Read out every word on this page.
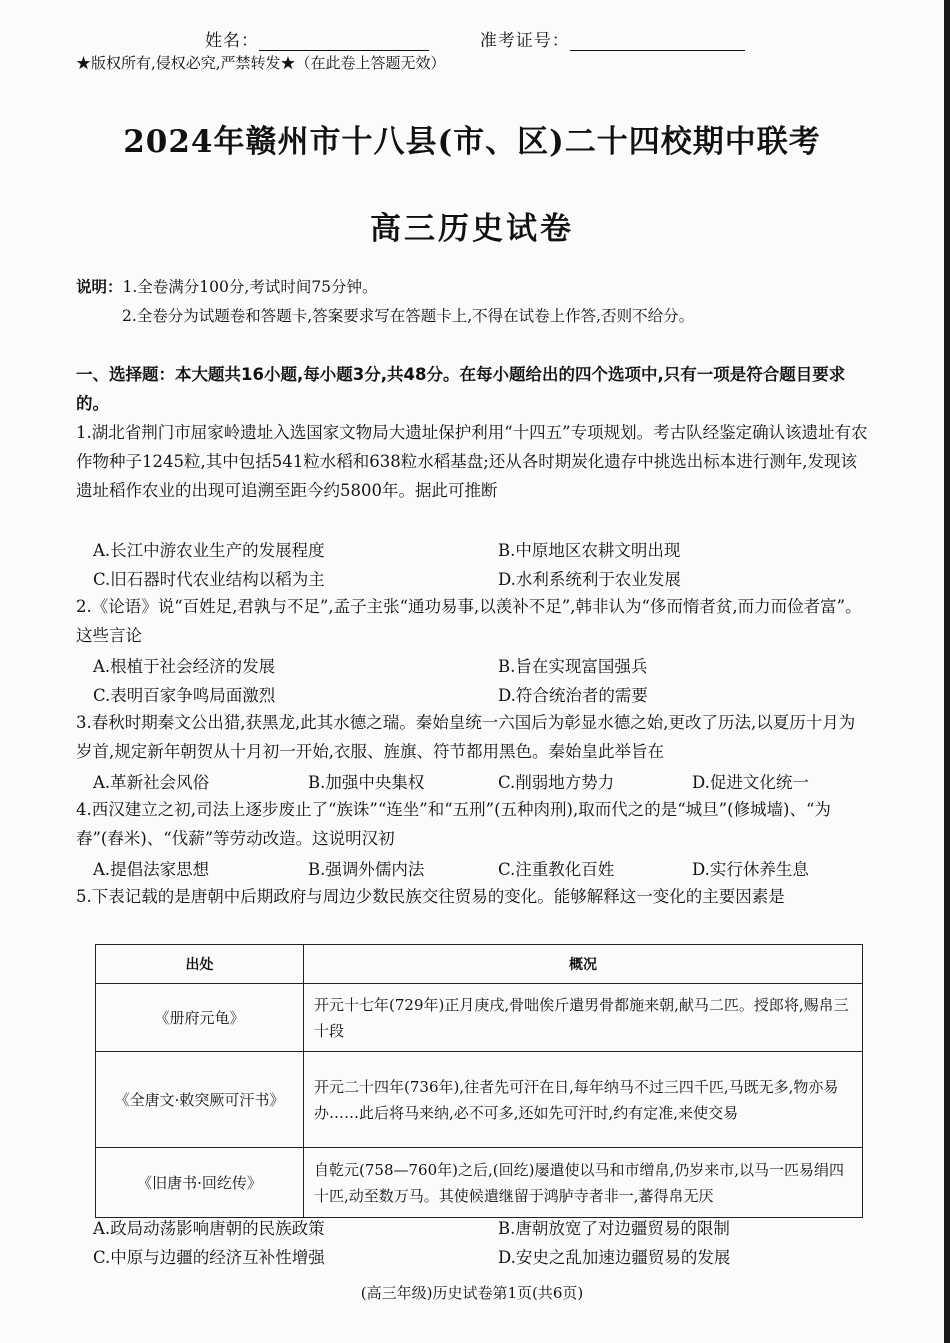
姓名：	准考证号：
★版权所有,侵权必究,严禁转发★（在此卷上答题无效）
2024年赣州市十八县(市、区)二十四校期中联考
高三历史试卷
说明：1.全卷满分100分,考试时间75分钟。
2.全卷分为试题卷和答题卡,答案要求写在答题卡上,不得在试卷上作答,否则不给分。
一、选择题：本大题共16小题,每小题3分,共48分。在每小题给出的四个选项中,只有一项是符合题目要求的。
1.湖北省荆门市屈家岭遗址入选国家文物局大遗址保护利用“十四五”专项规划。考古队经鉴定确认该遗址有农作物种子1245粒,其中包括541粒水稻和638粒水稻基盘;还从各时期炭化遗存中挑选出标本进行测年,发现该遗址稻作农业的出现可追溯至距今约5800年。据此可推断
A.长江中游农业生产的发展程度	B.中原地区农耕文明出现
C.旧石器时代农业结构以稻为主	D.水利系统利于农业发展
2.《论语》说“百姓足,君孰与不足”,孟子主张“通功易事,以羡补不足”,韩非认为“侈而惰者贫,而力而俭者富”。这些言论
A.根植于社会经济的发展	B.旨在实现富国强兵
C.表明百家争鸣局面激烈	D.符合统治者的需要
3.春秋时期秦文公出猎,获黑龙,此其水德之瑞。秦始皇统一六国后为彰显水德之始,更改了历法,以夏历十月为岁首,规定新年朝贺从十月初一开始,衣服、旌旗、符节都用黑色。秦始皇此举旨在
A.革新社会风俗	B.加强中央集权	C.削弱地方势力	D.促进文化统一
4.西汉建立之初,司法上逐步废止了“族诛”“连坐”和“五刑”(五种肉刑),取而代之的是“城旦”(修城墙)、“为舂”(舂米)、“伐薪”等劳动改造。这说明汉初
A.提倡法家思想	B.强调外儒内法	C.注重教化百姓	D.实行休养生息
5.下表记载的是唐朝中后期政府与周边少数民族交往贸易的变化。能够解释这一变化的主要因素是
出处	概况
《册府元龟》	开元十七年(729年)正月庚戌,骨咄俟斤遣男骨都施来朝,献马二匹。授郎将,赐帛三十段
《全唐文·敕突厥可汗书》	开元二十四年(736年),往者先可汗在日,每年纳马不过三四千匹,马既无多,物亦易办……此后将马来纳,必不可多,还如先可汗时,约有定准,来使交易
《旧唐书·回纥传》	自乾元(758—760年)之后,(回纥)屡遣使以马和市缯帛,仍岁来市,以马一匹易绢四十匹,动至数万马。其使候遣继留于鸿胪寺者非一,蕃得帛无厌
A.政局动荡影响唐朝的民族政策	B.唐朝放宽了对边疆贸易的限制
C.中原与边疆的经济互补性增强	D.安史之乱加速边疆贸易的发展
(高三年级)历史试卷第1页(共6页)
